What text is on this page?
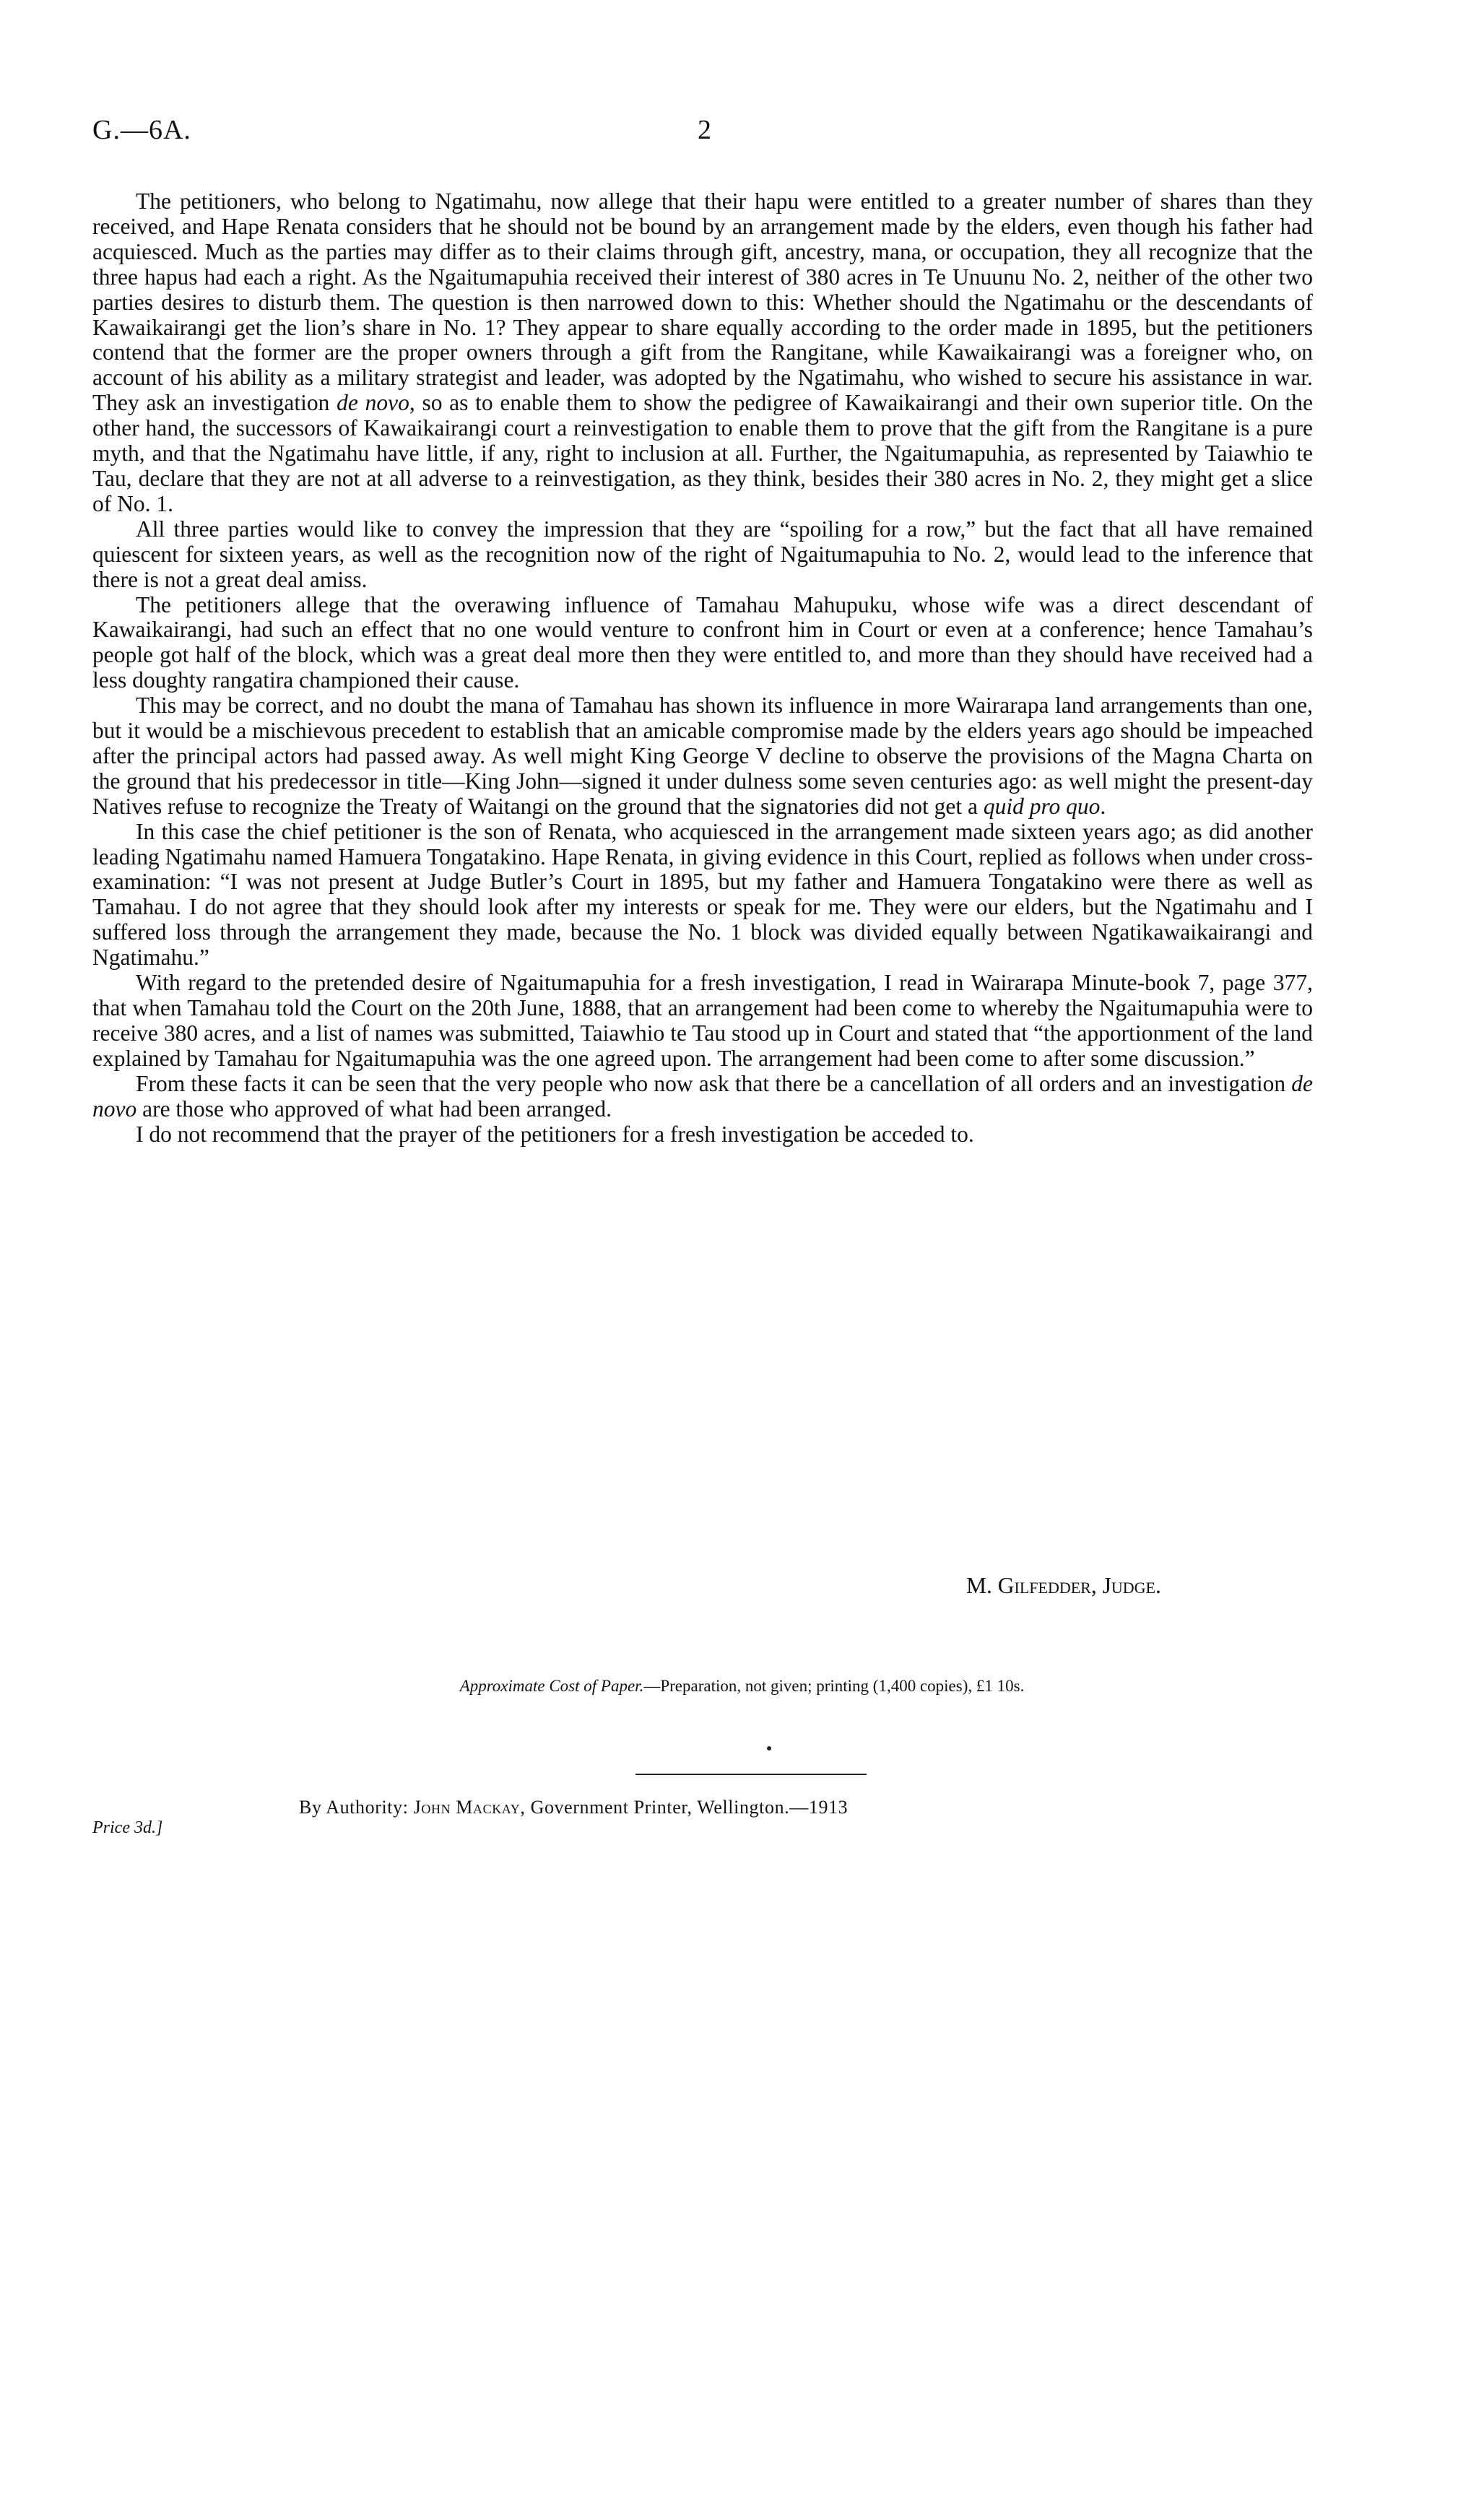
G.—6A.	2

The petitioners, who belong to Ngatimahu, now allege that their hapu were entitled to a greater number of shares than they received, and Hape Renata considers that he should not be bound by an arrangement made by the elders, even though his father had acquiesced. Much as the parties may differ as to their claims through gift, ancestry, mana, or occupation, they all recognize that the three hapus had each a right. As the Ngaitumapuhia received their interest of 380 acres in Te Unuunu No. 2, neither of the other two parties desires to disturb them. The question is then narrowed down to this: Whether should the Ngatimahu or the descendants of Kawaikairangi get the lion’s share in No. 1? They appear to share equally according to the order made in 1895, but the petitioners contend that the former are the proper owners through a gift from the Rangitane, while Kawaikairangi was a foreigner who, on account of his ability as a military strategist and leader, was adopted by the Ngatimahu, who wished to secure his assistance in war. They ask an investigation de novo, so as to enable them to show the pedigree of Kawaikairangi and their own superior title. On the other hand, the successors of Kawaikairangi court a reinvestigation to enable them to prove that the gift from the Rangitane is a pure myth, and that the Ngatimahu have little, if any, right to inclusion at all. Further, the Ngaitumapuhia, as represented by Taiawhio te Tau, declare that they are not at all adverse to a reinvestigation, as they think, besides their 380 acres in No. 2, they might get a slice of No. 1.

All three parties would like to convey the impression that they are “spoiling for a row,” but the fact that all have remained quiescent for sixteen years, as well as the recognition now of the right of Ngaitumapuhia to No. 2, would lead to the inference that there is not a great deal amiss.

The petitioners allege that the overawing influence of Tamahau Mahupuku, whose wife was a direct descendant of Kawaikairangi, had such an effect that no one would venture to confront him in Court or even at a conference; hence Tamahau’s people got half of the block, which was a great deal more then they were entitled to, and more than they should have received had a less doughty rangatira championed their cause.

This may be correct, and no doubt the mana of Tamahau has shown its influence in more Wairarapa land arrangements than one, but it would be a mischievous precedent to establish that an amicable compromise made by the elders years ago should be impeached after the principal actors had passed away. As well might King George V decline to observe the provisions of the Magna Charta on the ground that his predecessor in title—King John—signed it under dulness some seven centuries ago: as well might the present-day Natives refuse to recognize the Treaty of Waitangi on the ground that the signatories did not get a quid pro quo.

In this case the chief petitioner is the son of Renata, who acquiesced in the arrangement made sixteen years ago; as did another leading Ngatimahu named Hamuera Tongatakino. Hape Renata, in giving evidence in this Court, replied as follows when under cross-examination: “I was not present at Judge Butler’s Court in 1895, but my father and Hamuera Tongatakino were there as well as Tamahau. I do not agree that they should look after my interests or speak for me. They were our elders, but the Ngatimahu and I suffered loss through the arrangement they made, because the No. 1 block was divided equally between Ngatikawaikairangi and Ngatimahu.”

With regard to the pretended desire of Ngaitumapuhia for a fresh investigation, I read in Wairarapa Minute-book 7, page 377, that when Tamahau told the Court on the 20th June, 1888, that an arrangement had been come to whereby the Ngaitumapuhia were to receive 380 acres, and a list of names was submitted, Taiawhio te Tau stood up in Court and stated that “the apportionment of the land explained by Tamahau for Ngaitumapuhia was the one agreed upon. The arrangement had been come to after some discussion.”

From these facts it can be seen that the very people who now ask that there be a cancellation of all orders and an investigation de novo are those who approved of what had been arranged.

I do not recommend that the prayer of the petitioners for a fresh investigation be acceded to.

M. Gilfedder, Judge.
Approximate Cost of Paper.—Preparation, not given; printing (1,400 copies), £1 10s.
By Authority: John Mackay, Government Printer, Wellington.—1913
Price 3d.]
